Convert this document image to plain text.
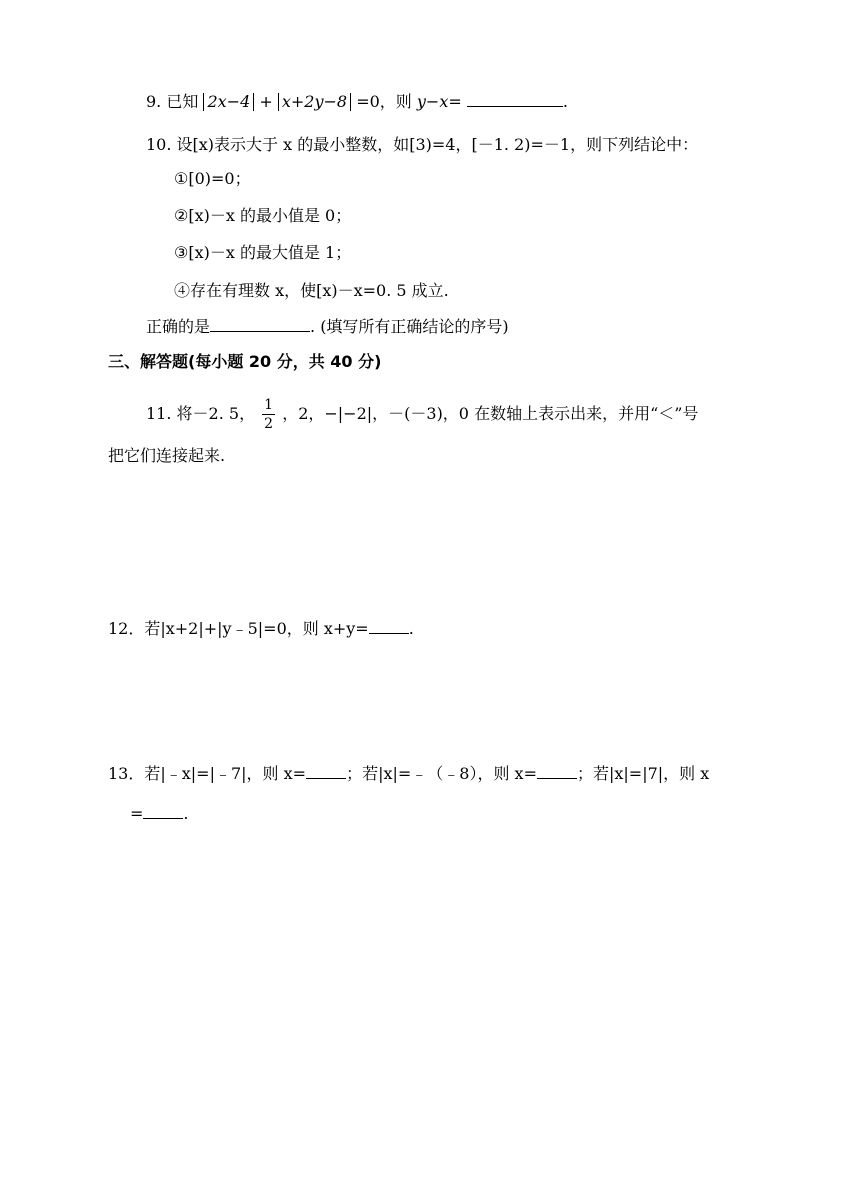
9. 已知 2x−4 + x+2y−8 =0，则 y−x=	.
10. 设[x)表示大于 x 的最小整数，如[3)=4，[－1. 2)=－1，则下列结论中：
①[0)=0；
②[x)－x 的最小值是 0；
③[x)－x 的最大值是 1；
④存在有理数 x，使[x)－x=0. 5 成立.
正确的是	. (填写所有正确结论的序号)
三、解答题(每小题 20 分，共 40 分)
11. 将－2. 5， $\frac{1}{2}$ ，2，−|−2|，－(－3)，0 在数轴上表示出来，并用“＜”号
把它们连接起来.
12．若|x+2|+|y﹣5|=0，则 x+y=	.
13．若|﹣x|=|﹣7|，则 x=	；若|x|=﹣（﹣8），则 x=	；若|x|=|7|，则 x
=	.
